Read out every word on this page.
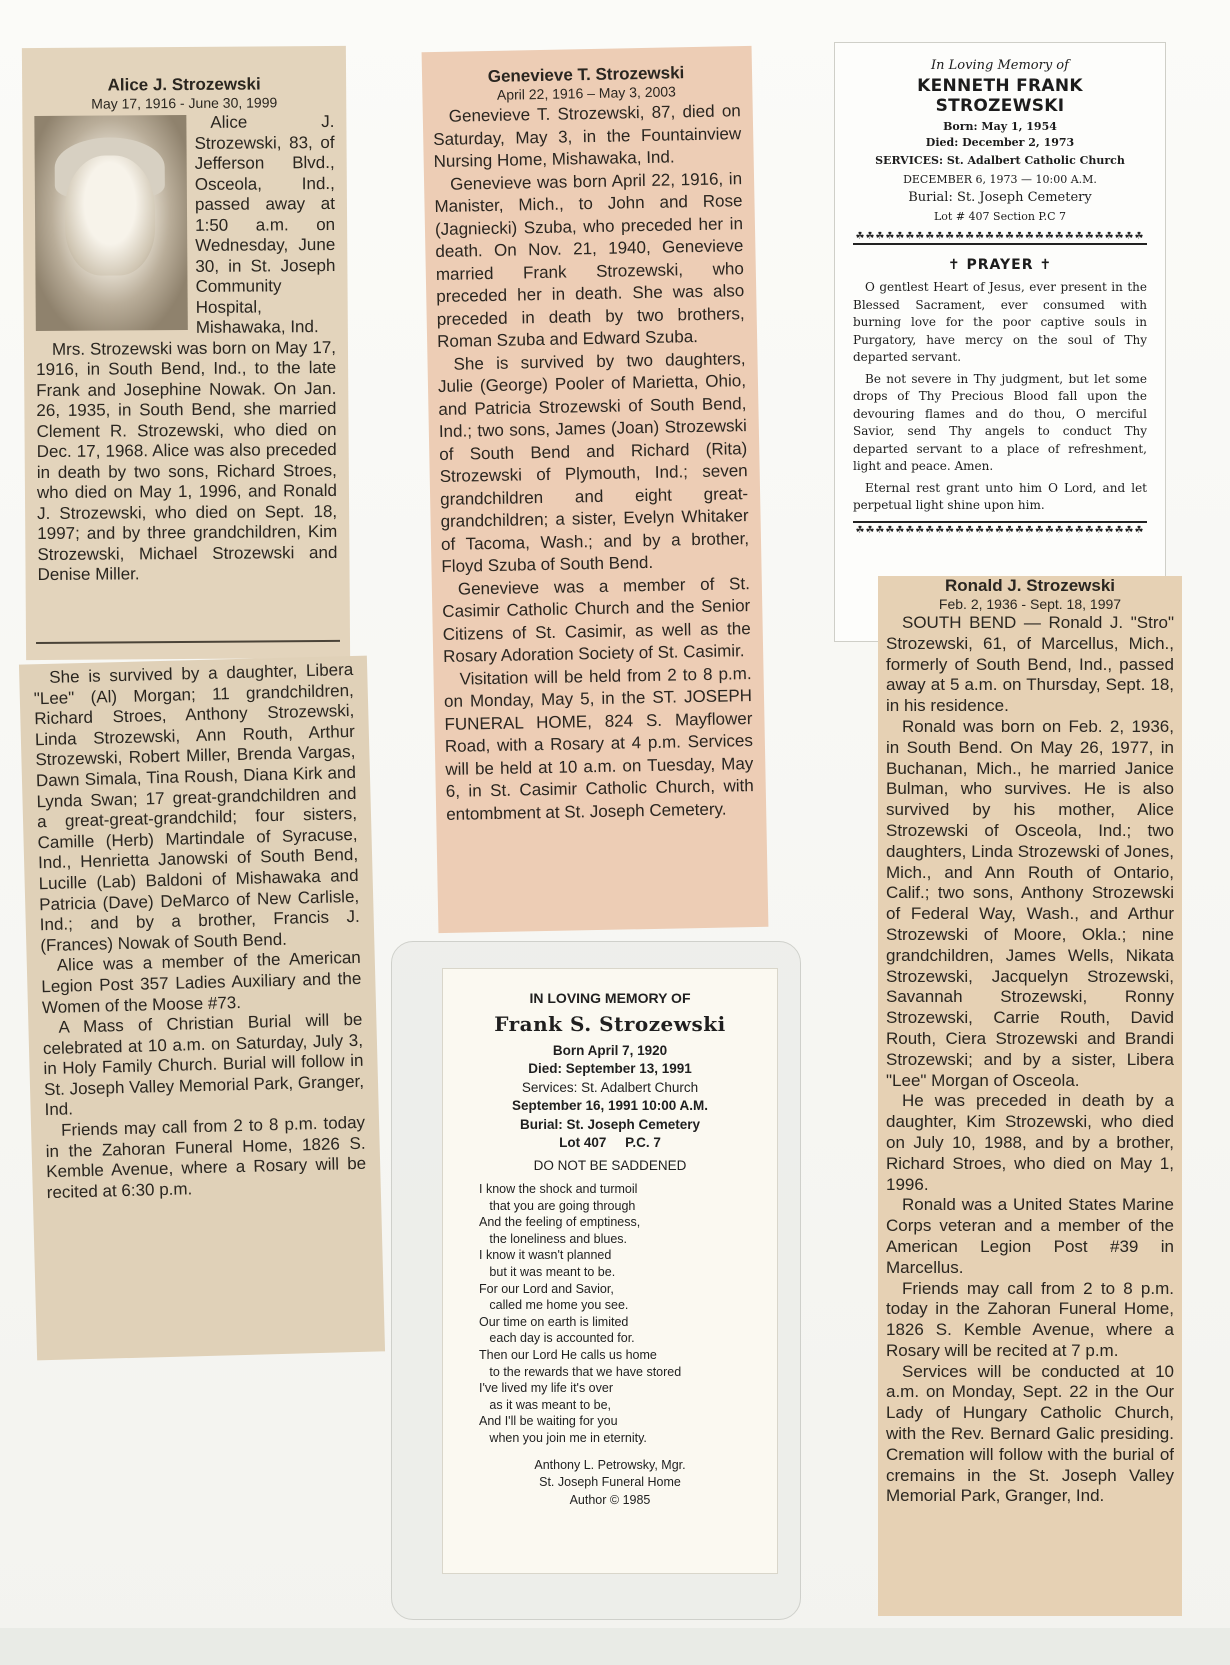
Alice J. Strozewski
May 17, 1916 - June 30, 1999

Alice J. Strozewski, 83, of Jefferson Blvd., Osceola, Ind., passed away at 1:50 a.m. on Wednesday, June 30, in St. Joseph Community Hospital, Mishawaka, Ind.

Mrs. Strozewski was born on May 17, 1916, in South Bend, Ind., to the late Frank and Josephine Nowak. On Jan. 26, 1935, in South Bend, she married Clement R. Strozewski, who died on Dec. 17, 1968. Alice was also preceded in death by two sons, Richard Stroes, who died on May 1, 1996, and Ronald J. Strozewski, who died on Sept. 18, 1997; and by three grandchildren, Kim Strozewski, Michael Strozewski and Denise Miller.

She is survived by a daughter, Libera "Lee" (Al) Morgan; 11 grandchildren, Richard Stroes, Anthony Strozewski, Linda Strozewski, Ann Routh, Arthur Strozewski, Robert Miller, Brenda Vargas, Dawn Simala, Tina Roush, Diana Kirk and Lynda Swan; 17 great-grandchildren and a great-great-grandchild; four sisters, Camille (Herb) Martindale of Syracuse, Ind., Henrietta Janowski of South Bend, Lucille (Lab) Baldoni of Mishawaka and Patricia (Dave) DeMarco of New Carlisle, Ind.; and by a brother, Francis J. (Frances) Nowak of South Bend.

Alice was a member of the American Legion Post 357 Ladies Auxiliary and the Women of the Moose #73.

A Mass of Christian Burial will be celebrated at 10 a.m. on Saturday, July 3, in Holy Family Church. Burial will follow in St. Joseph Valley Memorial Park, Granger, Ind.

Friends may call from 2 to 8 p.m. today in the Zahoran Funeral Home, 1826 S. Kemble Avenue, where a Rosary will be recited at 6:30 p.m.

Genevieve T. Strozewski
April 22, 1916 – May 3, 2003

Genevieve T. Strozewski, 87, died on Saturday, May 3, in the Fountainview Nursing Home, Mishawaka, Ind.

Genevieve was born April 22, 1916, in Manister, Mich., to John and Rose (Jagniecki) Szuba, who preceded her in death. On Nov. 21, 1940, Genevieve married Frank Strozewski, who preceded her in death. She was also preceded in death by two brothers, Roman Szuba and Edward Szuba.

She is survived by two daughters, Julie (George) Pooler of Marietta, Ohio, and Patricia Strozewski of South Bend, Ind.; two sons, James (Joan) Strozewski of South Bend and Richard (Rita) Strozewski of Plymouth, Ind.; seven grandchildren and eight great-grandchildren; a sister, Evelyn Whitaker of Tacoma, Wash.; and by a brother, Floyd Szuba of South Bend.

Genevieve was a member of St. Casimir Catholic Church and the Senior Citizens of St. Casimir, as well as the Rosary Adoration Society of St. Casimir.

Visitation will be held from 2 to 8 p.m. on Monday, May 5, in the ST. JOSEPH FUNERAL HOME, 824 S. Mayflower Road, with a Rosary at 4 p.m. Services will be held at 10 a.m. on Tuesday, May 6, in St. Casimir Catholic Church, with entombment at St. Joseph Cemetery.

In Loving Memory of
KENNETH FRANK STROZEWSKI
Born: May 1, 1954
Died: December 2, 1973
SERVICES: St. Adalbert Catholic Church
DECEMBER 6, 1973 — 10:00 A.M.
Burial: St. Joseph Cemetery
Lot # 407 Section P.C 7
☘☘☘☘☘☘☘☘☘☘☘☘☘☘☘☘☘☘☘☘☘☘☘☘☘☘☘☘☘
✝ PRAYER ✝

O gentlest Heart of Jesus, ever present in the Blessed Sacrament, ever consumed with burning love for the poor captive souls in Purgatory, have mercy on the soul of Thy departed servant.

Be not severe in Thy judgment, but let some drops of Thy Precious Blood fall upon the devouring flames and do thou, O merciful Savior, send Thy angels to conduct Thy departed servant to a place of refreshment, light and peace. Amen.

Eternal rest grant unto him O Lord, and let perpetual light shine upon him.

☘☘☘☘☘☘☘☘☘☘☘☘☘☘☘☘☘☘☘☘☘☘☘☘☘☘☘☘☘
Ronald J. Strozewski
Feb. 2, 1936 - Sept. 18, 1997

SOUTH BEND — Ronald J. "Stro" Strozewski, 61, of Marcellus, Mich., formerly of South Bend, Ind., passed away at 5 a.m. on Thursday, Sept. 18, in his residence.

Ronald was born on Feb. 2, 1936, in South Bend. On May 26, 1977, in Buchanan, Mich., he married Janice Bulman, who survives. He is also survived by his mother, Alice Strozewski of Osceola, Ind.; two daughters, Linda Strozewski of Jones, Mich., and Ann Routh of Ontario, Calif.; two sons, Anthony Strozewski of Federal Way, Wash., and Arthur Strozewski of Moore, Okla.; nine grandchildren, James Wells, Nikata Strozewski, Jacquelyn Strozewski, Savannah Strozewski, Ronny Strozewski, Carrie Routh, David Routh, Ciera Strozewski and Brandi Strozewski; and by a sister, Libera "Lee" Morgan of Osceola.

He was preceded in death by a daughter, Kim Strozewski, who died on July 10, 1988, and by a brother, Richard Stroes, who died on May 1, 1996.

Ronald was a United States Marine Corps veteran and a member of the American Legion Post #39 in Marcellus.

Friends may call from 2 to 8 p.m. today in the Zahoran Funeral Home, 1826 S. Kemble Avenue, where a Rosary will be recited at 7 p.m.

Services will be conducted at 10 a.m. on Monday, Sept. 22 in the Our Lady of Hungary Catholic Church, with the Rev. Bernard Galic presiding. Cremation will follow with the burial of cremains in the St. Joseph Valley Memorial Park, Granger, Ind.

IN LOVING MEMORY OF
Frank S. Strozewski
Born April 7, 1920
Died: September 13, 1991
Services: St. Adalbert Church
September 16, 1991 10:00 A.M.
Burial: St. Joseph Cemetery
Lot 407     P.C. 7
DO NOT BE SADDENED
I know the shock and turmoil
that you are going through
And the feeling of emptiness,
the loneliness and blues.
I know it wasn't planned
but it was meant to be.
For our Lord and Savior,
called me home you see.
Our time on earth is limited
each day is accounted for.
Then our Lord He calls us home
to the rewards that we have stored
I've lived my life it's over
as it was meant to be,
And I'll be waiting for you
when you join me in eternity.
Anthony L. Petrowsky, Mgr.
St. Joseph Funeral Home
Author © 1985
